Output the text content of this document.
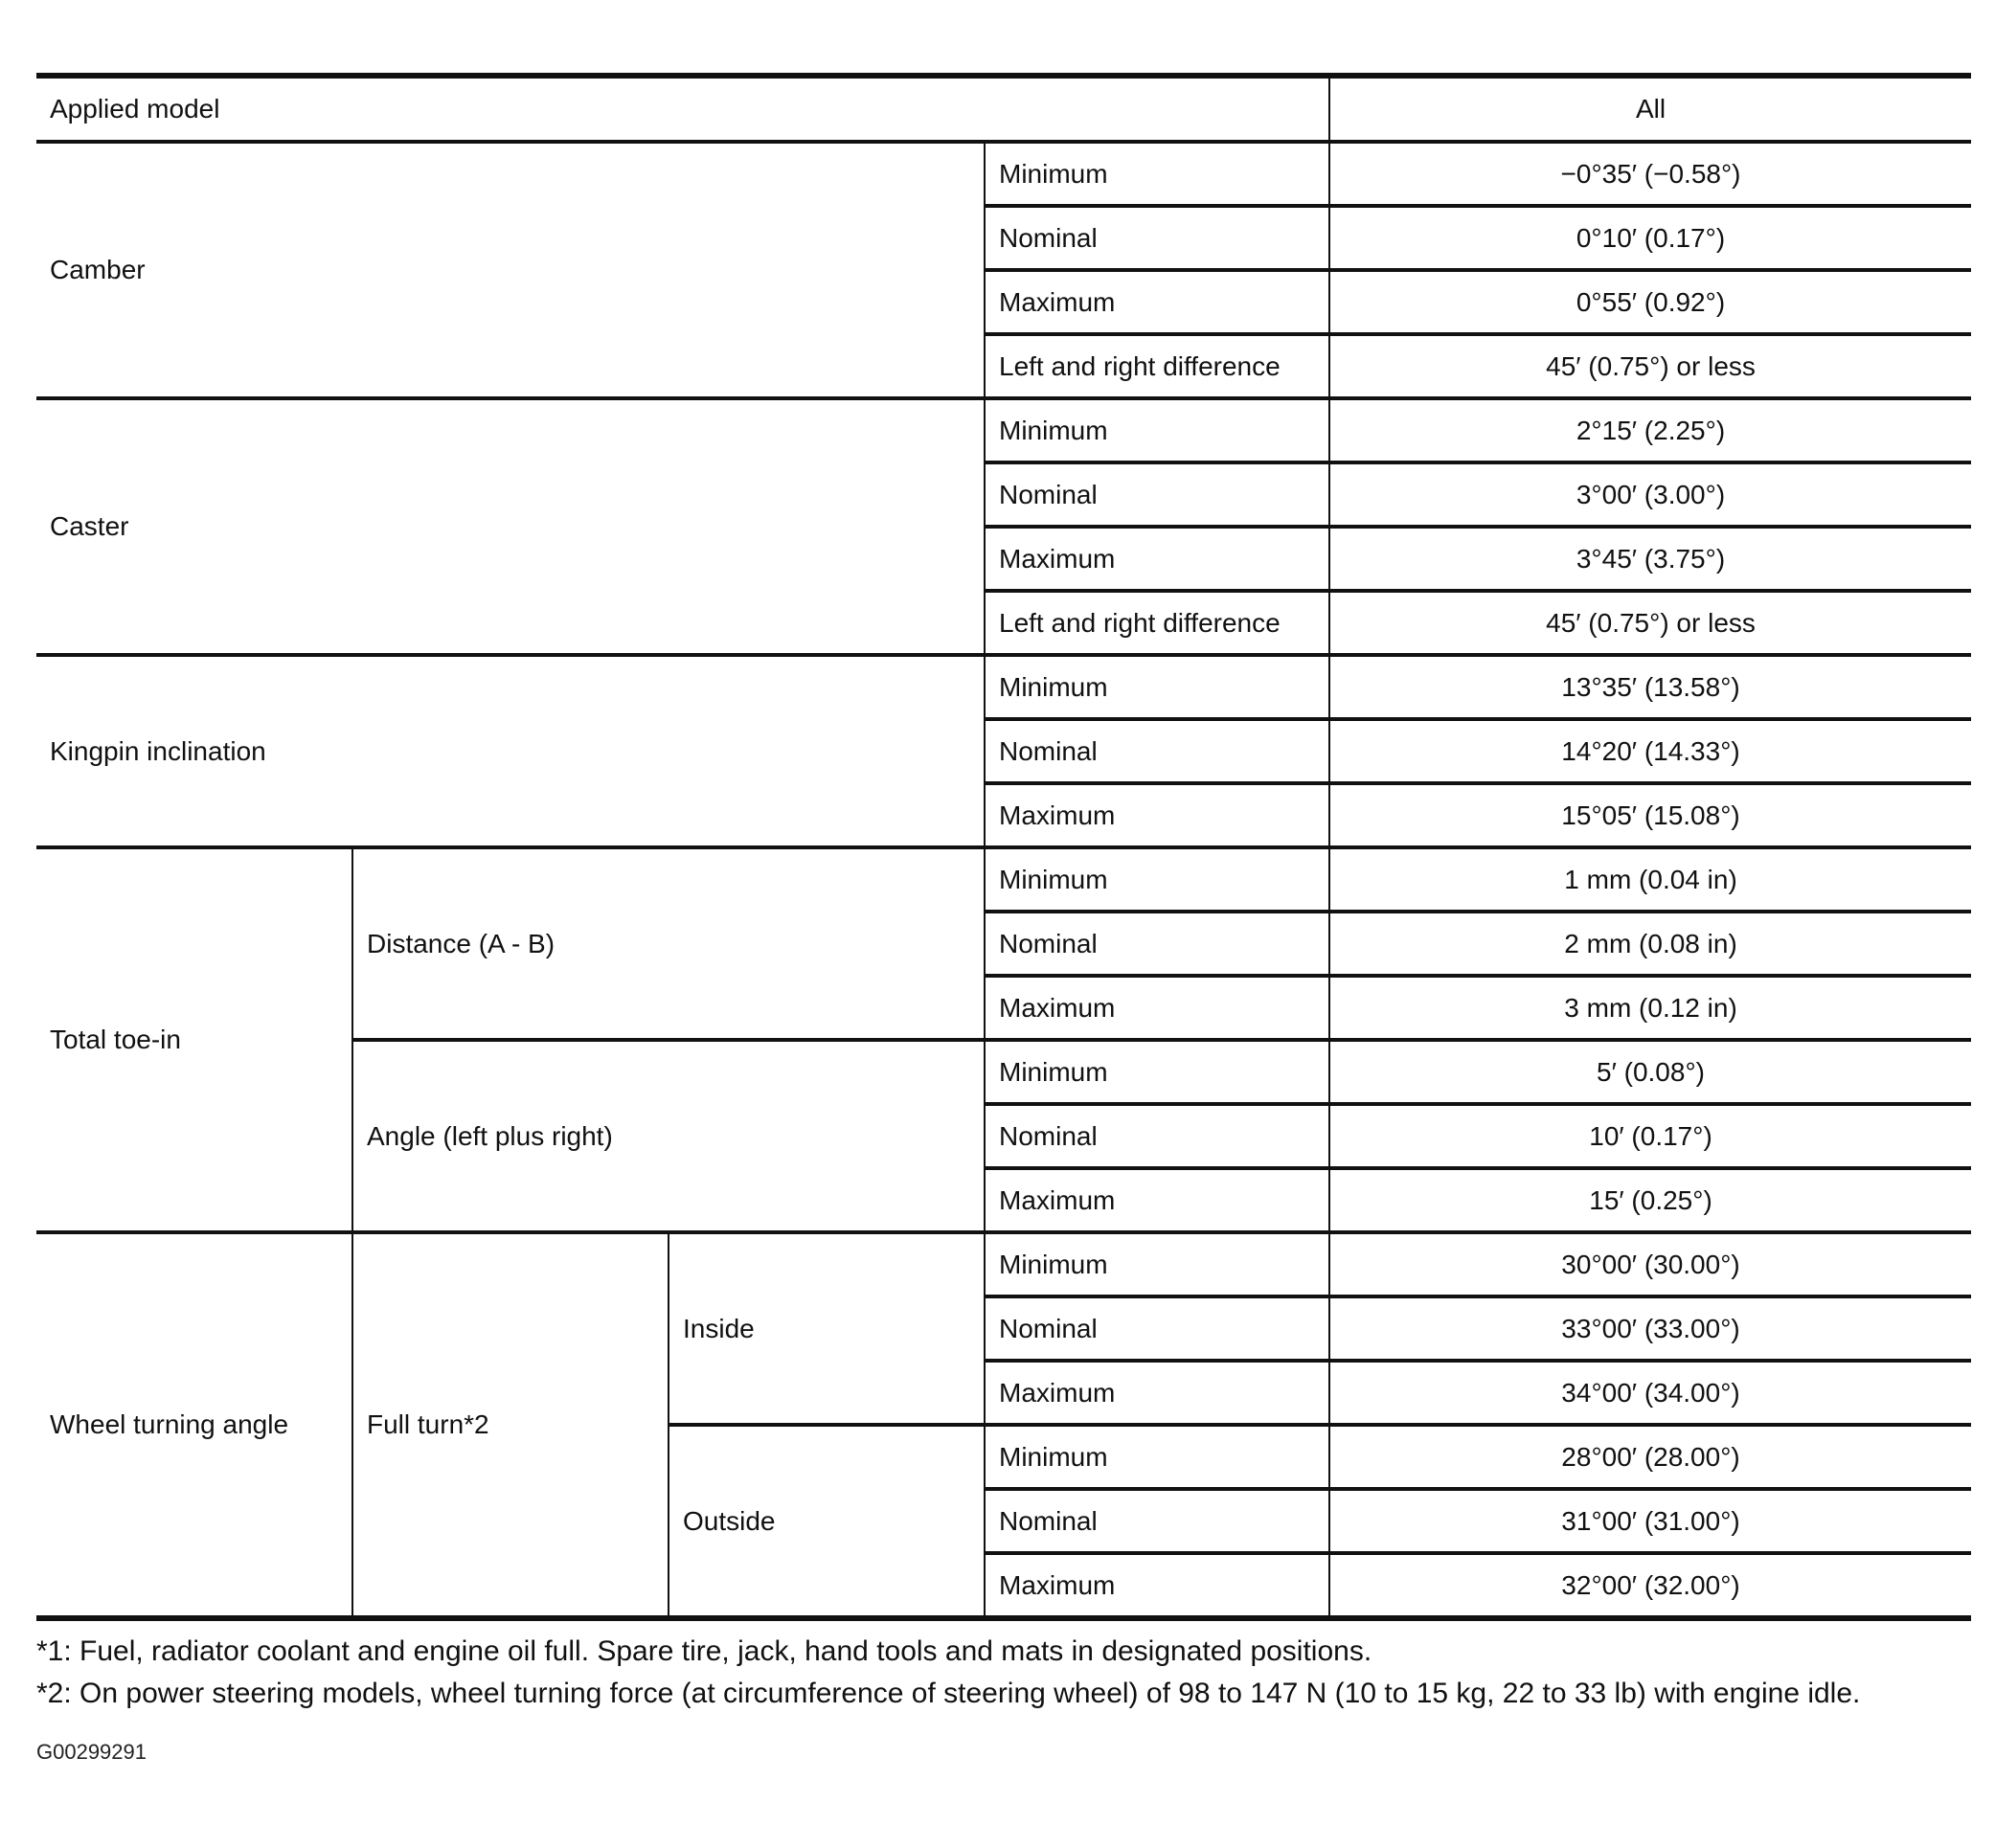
Applied model				All
Camber			Minimum	−0°35′ (−0.58°)
			Nominal	0°10′ (0.17°)
			Maximum	0°55′ (0.92°)
			Left and right difference	45′ (0.75°) or less
Caster			Minimum	2°15′ (2.25°)
			Nominal	3°00′ (3.00°)
			Maximum	3°45′ (3.75°)
			Left and right difference	45′ (0.75°) or less
Kingpin inclination			Minimum	13°35′ (13.58°)
			Nominal	14°20′ (14.33°)
			Maximum	15°05′ (15.08°)
Total toe-in	Distance (A - B)		Minimum	1 mm (0.04 in)
			Nominal	2 mm (0.08 in)
			Maximum	3 mm (0.12 in)
	Angle (left plus right)		Minimum	5′ (0.08°)
			Nominal	10′ (0.17°)
			Maximum	15′ (0.25°)
Wheel turning angle	Full turn*2	Inside	Minimum	30°00′ (30.00°)
			Nominal	33°00′ (33.00°)
			Maximum	34°00′ (34.00°)
		Outside	Minimum	28°00′ (28.00°)
			Nominal	31°00′ (31.00°)
			Maximum	32°00′ (32.00°)

*1: Fuel, radiator coolant and engine oil full. Spare tire, jack, hand tools and mats in designated positions.

*2: On power steering models, wheel turning force (at circumference of steering wheel) of 98 to 147 N (10 to 15 kg, 22 to 33 lb) with engine idle.

G00299291
